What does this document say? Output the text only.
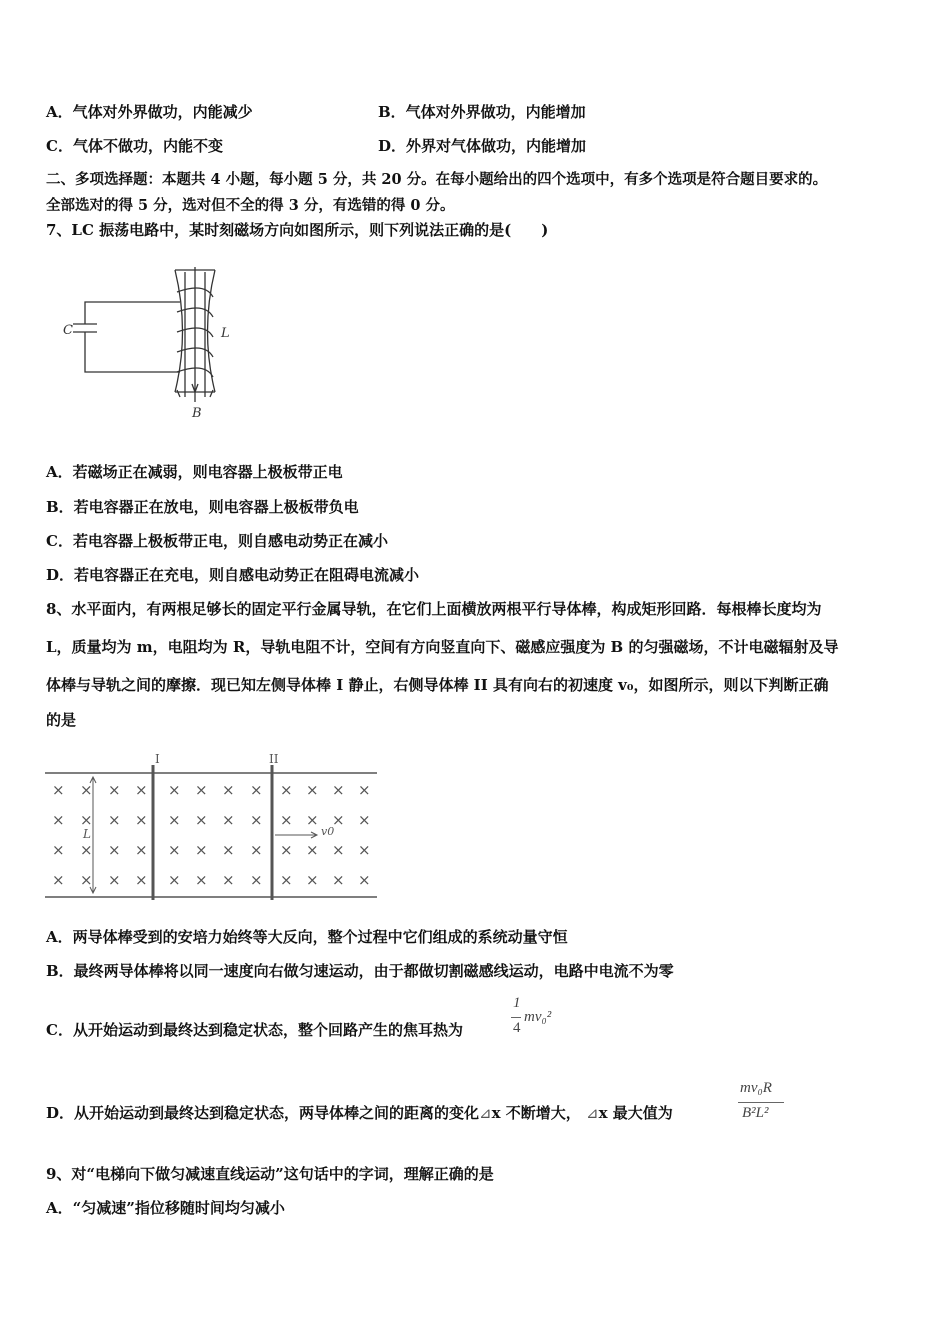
A．气体对外界做功，内能减少	B．气体对外界做功，内能增加
C．气体不做功，内能不变	D．外界对气体做功，内能增加
二、多项选择题：本题共 4 小题，每小题 5 分，共 20 分。在每小题给出的四个选项中，有多个选项是符合题目要求的。
全部选对的得 5 分，选对但不全的得 3 分，有选错的得 0 分。
7、LC 振荡电路中，某时刻磁场方向如图所示，则下列说法正确的是(　　)
C	L
B
A．若磁场正在减弱，则电容器上极板带正电
B．若电容器正在放电，则电容器上极板带负电
C．若电容器上极板带正电，则自感电动势正在减小
D．若电容器正在充电，则自感电动势正在阻碍电流减小
8、水平面内，有两根足够长的固定平行金属导轨，在它们上面横放两根平行导体棒，构成矩形回路．每根棒长度均为
L，质量均为 m，电阻均为 R，导轨电阻不计，空间有方向竖直向下、磁感应强度为 B 的匀强磁场，不计电磁辐射及导
体棒与导轨之间的摩擦．现已知左侧导体棒 I 静止，右侧导体棒 II 具有向右的初速度 v₀，如图所示，则以下判断正确
的是
× × × × × × × × × × × ×
× × × × × × × × × × × ×
× × × × × × × × × × × ×
× × × × × × × × × × × ×
I	II
L	v0
A．两导体棒受到的安培力始终等大反向，整个过程中它们组成的系统动量守恒
B．最终两导体棒将以同一速度向右做匀速运动，由于都做切割磁感线运动，电路中电流不为零
C．从开始运动到最终达到稳定状态，整个回路产生的焦耳热为
1
4
mv₀²
D．从开始运动到最终达到稳定状态，两导体棒之间的距离的变化⊿x 不断增大， ⊿x 最大值为
mv₀R
B²L²
9、对“电梯向下做匀减速直线运动”这句话中的字词，理解正确的是
A．“匀减速”指位移随时间均匀减小
